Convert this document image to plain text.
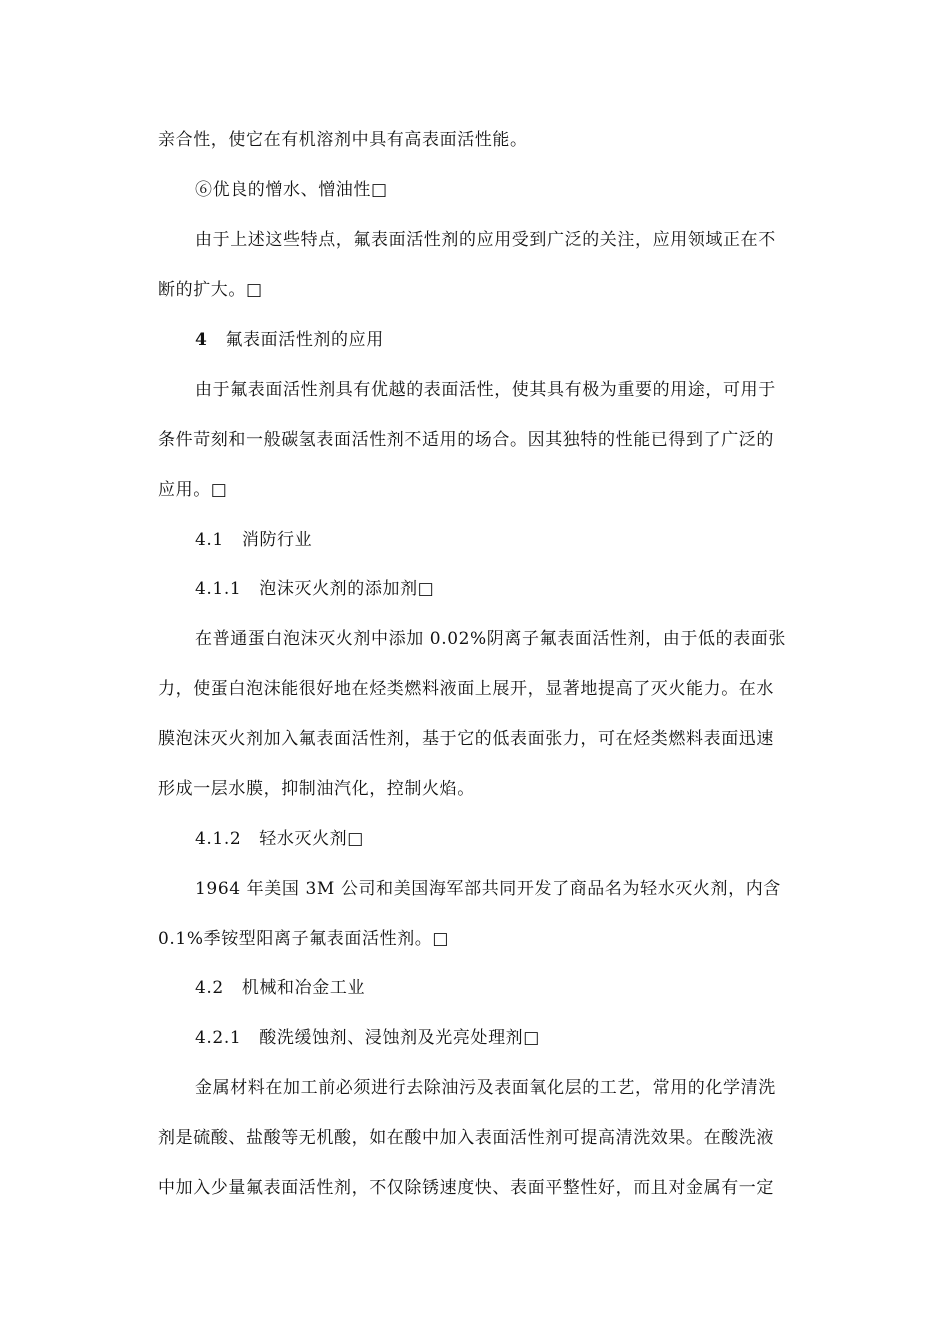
亲合性，使它在有机溶剂中具有高表面活性能。
⑥优良的憎水、憎油性□
由于上述这些特点，氟表面活性剂的应用受到广泛的关注，应用领域正在不
断的扩大。□
4 氟表面活性剂的应用
由于氟表面活性剂具有优越的表面活性，使其具有极为重要的用途，可用于
条件苛刻和一般碳氢表面活性剂不适用的场合。因其独特的性能已得到了广泛的
应用。□
4.1 消防行业
4.1.1 泡沫灭火剂的添加剂□
在普通蛋白泡沫灭火剂中添加 0.02%阴离子氟表面活性剂，由于低的表面张
力，使蛋白泡沫能很好地在烃类燃料液面上展开，显著地提高了灭火能力。在水
膜泡沫灭火剂加入氟表面活性剂，基于它的低表面张力，可在烃类燃料表面迅速
形成一层水膜，抑制油汽化，控制火焰。
4.1.2 轻水灭火剂□
1964 年美国 3M 公司和美国海军部共同开发了商品名为轻水灭火剂，内含
0.1%季铵型阳离子氟表面活性剂。□
4.2 机械和冶金工业
4.2.1 酸洗缓蚀剂、浸蚀剂及光亮处理剂□
金属材料在加工前必须进行去除油污及表面氧化层的工艺，常用的化学清洗
剂是硫酸、盐酸等无机酸，如在酸中加入表面活性剂可提高清洗效果。在酸洗液
中加入少量氟表面活性剂，不仅除锈速度快、表面平整性好，而且对金属有一定
